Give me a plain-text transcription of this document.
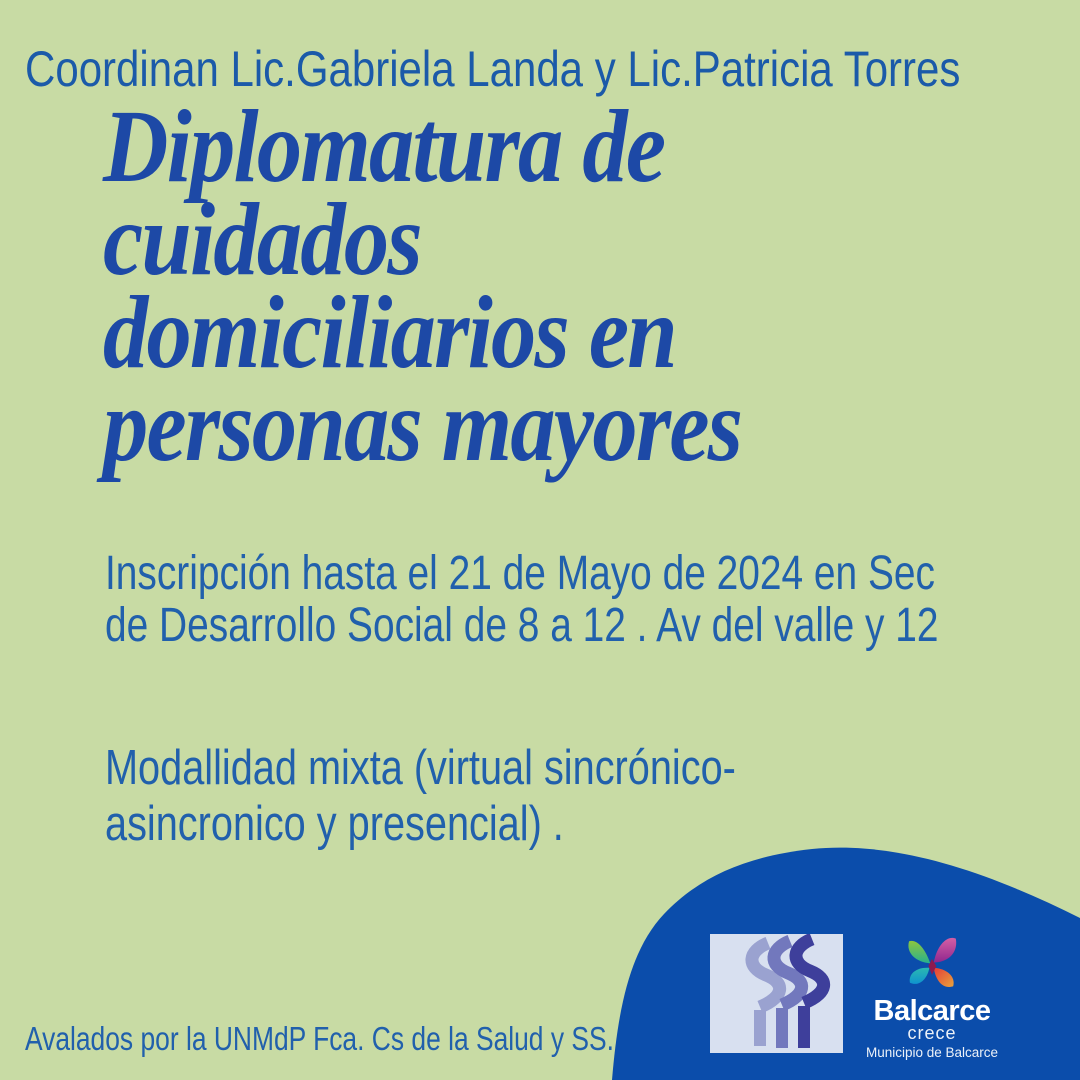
Coordinan Lic.Gabriela Landa y Lic.Patricia Torres
Diplomatura de
cuidados
domiciliarios en
personas mayores
Inscripción hasta el 21 de Mayo de 2024 en Sec
de Desarrollo Social de 8 a 12 . Av del valle y 12
Modallidad mixta (virtual sincrónico-
asincronico y presencial) .
Avalados por la UNMdP Fca. Cs de la Salud y SS.
Balcarce
crece
Municipio de Balcarce
